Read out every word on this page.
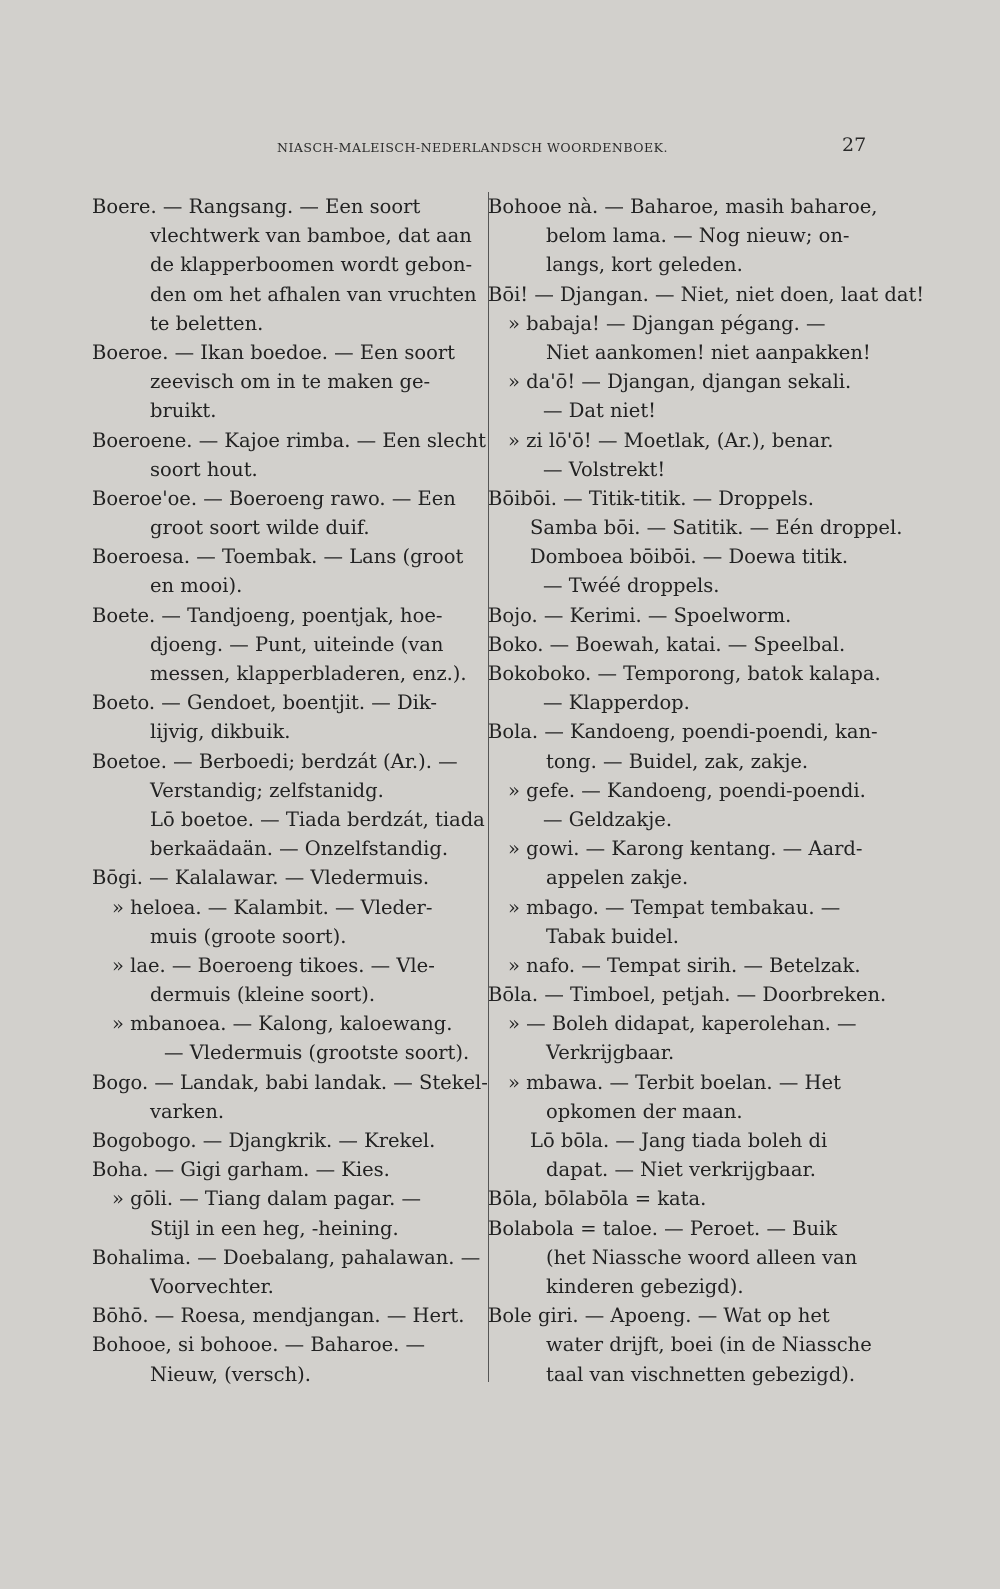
NIASCH-MALEISCH-NEDERLANDSCH WOORDENBOEK.	27
Boere. — Rangsang. — Een soort
vlechtwerk van bamboe, dat aan
de klapperboomen wordt gebon-
den om het afhalen van vruchten
te beletten.
Boeroe. — Ikan boedoe. — Een soort
zeevisch om in te maken ge-
bruikt.
Boeroene. — Kajoe rimba. — Een slecht
soort hout.
Boeroe'oe. — Boeroeng rawo. — Een
groot soort wilde duif.
Boeroesa. — Toembak. — Lans (groot
en mooi).
Boete. — Tandjoeng, poentjak, hoe-
djoeng. — Punt, uiteinde (van
messen, klapperbladeren, enz.).
Boeto. — Gendoet, boentjit. — Dik-
lijvig, dikbuik.
Boetoe. — Berboedi; berdzát (Ar.). —
Verstandig; zelfstanidg.
Lō boetoe. — Tiada berdzát, tiada
berkaädaän. — Onzelfstandig.
Bōgi. — Kalalawar. — Vledermuis.
» heloea. — Kalambit. — Vleder-
muis (groote soort).
» lae. — Boeroeng tikoes. — Vle-
dermuis (kleine soort).
» mbanoea. — Kalong, kaloewang.
— Vledermuis (grootste soort).
Bogo. — Landak, babi landak. — Stekel-
varken.
Bogobogo. — Djangkrik. — Krekel.
Boha. — Gigi garham. — Kies.
» gōli. — Tiang dalam pagar. —
Stijl in een heg, -heining.
Bohalima. — Doebalang, pahalawan. —
Voorvechter.
Bōhō. — Roesa, mendjangan. — Hert.
Bohooe, si bohooe. — Baharoe. —
Nieuw, (versch).
Bohooe nà. — Baharoe, masih baharoe,
belom lama. — Nog nieuw; on-
langs, kort geleden.
Bōi! — Djangan. — Niet, niet doen, laat dat!
» babaja! — Djangan pégang. —
Niet aankomen! niet aanpakken!
» da'ō! — Djangan, djangan sekali.
— Dat niet!
» zi lō'ō! — Moetlak, (Ar.), benar.
— Volstrekt!
Bōibōi. — Titik-titik. — Droppels.
Samba bōi. — Satitik. — Eén droppel.
Domboea bōibōi. — Doewa titik.
— Twéé droppels.
Bojo. — Kerimi. — Spoelworm.
Boko. — Boewah, katai. — Speelbal.
Bokoboko. — Temporong, batok kalapa.
— Klapperdop.
Bola. — Kandoeng, poendi-poendi, kan-
tong. — Buidel, zak, zakje.
» gefe. — Kandoeng, poendi-poendi.
— Geldzakje.
» gowi. — Karong kentang. — Aard-
appelen zakje.
» mbago. — Tempat tembakau. —
Tabak buidel.
» nafo. — Tempat sirih. — Betelzak.
Bōla. — Timboel, petjah. — Doorbreken.
» — Boleh didapat, kaperolehan. —
Verkrijgbaar.
» mbawa. — Terbit boelan. — Het
opkomen der maan.
Lō bōla. — Jang tiada boleh di
dapat. — Niet verkrijgbaar.
Bōla, bōlabōla = kata.
Bolabola = taloe. — Peroet. — Buik
(het Niassche woord alleen van
kinderen gebezigd).
Bole giri. — Apoeng. — Wat op het
water drijft, boei (in de Niassche
taal van vischnetten gebezigd).
